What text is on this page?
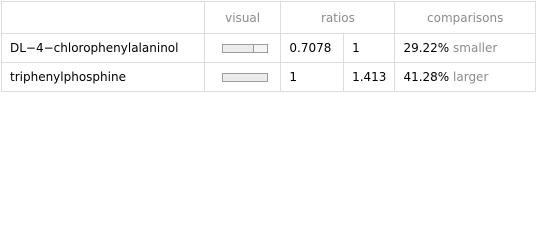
	visual	ratios		comparisons
DL−4−chlorophenylalaninol		0.7078	1	29.22% smaller
triphenylphosphine		1	1.413	41.28% larger
